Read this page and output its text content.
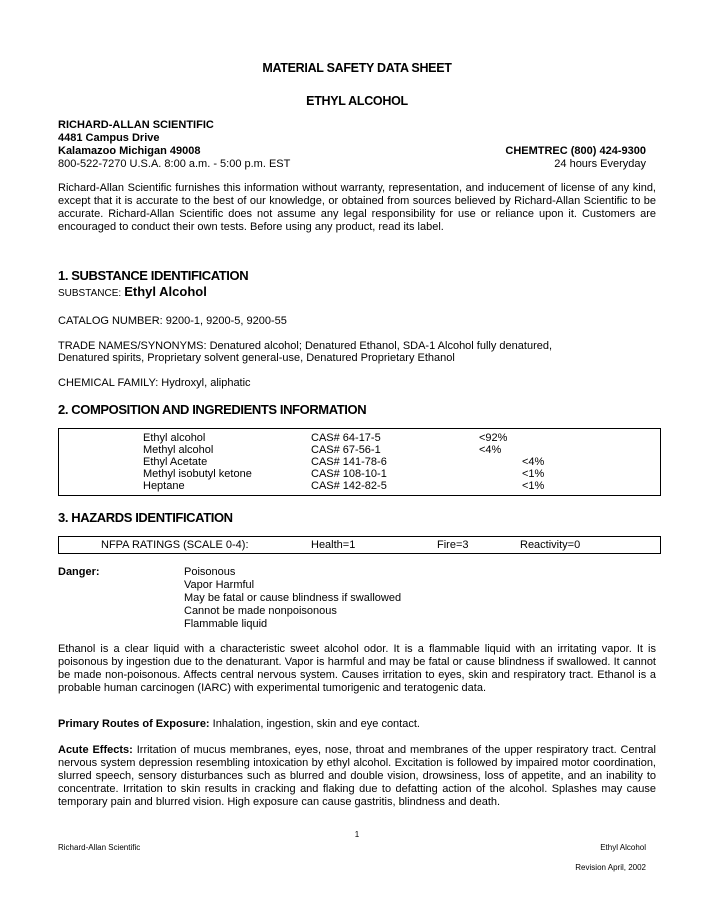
MATERIAL SAFETY DATA SHEET
ETHYL ALCOHOL
RICHARD-ALLAN SCIENTIFIC
4481 Campus Drive
Kalamazoo Michigan 49008
800-522-7270 U.S.A. 8:00 a.m. - 5:00 p.m. EST
CHEMTREC (800) 424-9300
24 hours Everyday
Richard-Allan Scientific furnishes this information without warranty, representation, and inducement of license of any kind, except that it is accurate to the best of our knowledge, or obtained from sources believed by Richard-Allan Scientific to be accurate. Richard-Allan Scientific does not assume any legal responsibility for use or reliance upon it. Customers are encouraged to conduct their own tests. Before using any product, read its label.
1. SUBSTANCE IDENTIFICATION
SUBSTANCE: Ethyl Alcohol
CATALOG NUMBER: 9200-1, 9200-5, 9200-55
TRADE NAMES/SYNONYMS: Denatured alcohol; Denatured Ethanol, SDA-1 Alcohol fully denatured,
Denatured spirits, Proprietary solvent general-use, Denatured Proprietary Ethanol
CHEMICAL FAMILY: Hydroxyl, aliphatic
2. COMPOSITION AND INGREDIENTS INFORMATION
Ethyl alcohol	CAS# 64-17-5	<92%
Methyl alcohol	CAS# 67-56-1	<4%
Ethyl Acetate	CAS# 141-78-6	<4%
Methyl isobutyl ketone	CAS# 108-10-1	<1%
Heptane	CAS# 142-82-5	<1%
3. HAZARDS IDENTIFICATION
NFPA RATINGS (SCALE 0-4):	Health=1	Fire=3	Reactivity=0
Danger:	Poisonous
Vapor Harmful
May be fatal or cause blindness if swallowed
Cannot be made nonpoisonous
Flammable liquid
Ethanol is a clear liquid with a characteristic sweet alcohol odor. It is a flammable liquid with an irritating vapor. It is poisonous by ingestion due to the denaturant. Vapor is harmful and may be fatal or cause blindness if swallowed. It cannot be made non-poisonous. Affects central nervous system. Causes irritation to eyes, skin and respiratory tract. Ethanol is a probable human carcinogen (IARC) with experimental tumorigenic and teratogenic data.
Primary Routes of Exposure: Inhalation, ingestion, skin and eye contact.
Acute Effects: Irritation of mucus membranes, eyes, nose, throat and membranes of the upper respiratory tract. Central nervous system depression resembling intoxication by ethyl alcohol. Excitation is followed by impaired motor coordination, slurred speech, sensory disturbances such as blurred and double vision, drowsiness, loss of appetite, and an inability to concentrate. Irritation to skin results in cracking and flaking due to defatting action of the alcohol. Splashes may cause temporary pain and blurred vision. High exposure can cause gastritis, blindness and death.
1
Richard-Allan Scientific	Ethyl Alcohol
Revision April, 2002
